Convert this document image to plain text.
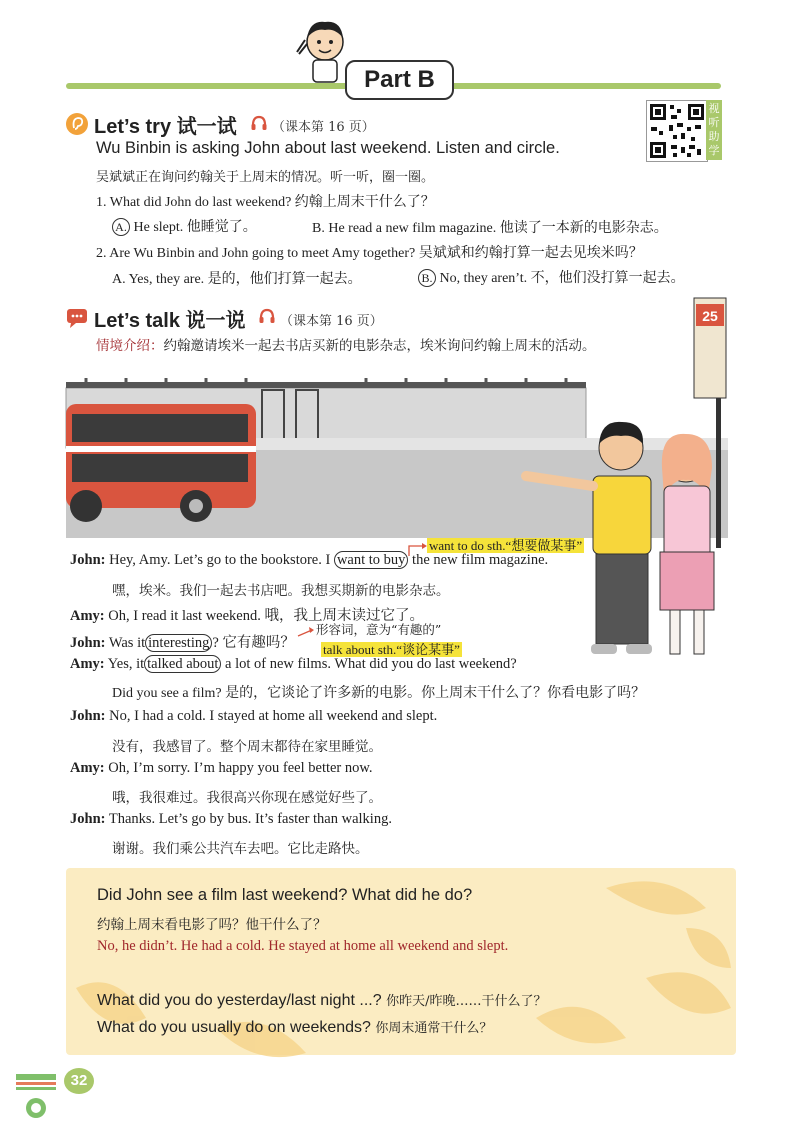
Part B
视听助学
Let’s try 试一试	（课本第 16 页）
Wu Binbin is asking John about last weekend. Listen and circle.
吴斌斌正在询问约翰关于上周末的情况。听一听，圈一圈。
1. What did John do last weekend? 约翰上周末干什么了？
A. He slept. 他睡觉了。	B. He read a new film magazine. 他读了一本新的电影杂志。
2. Are Wu Binbin and John going to meet Amy together? 吴斌斌和约翰打算一起去见埃米吗？
A. Yes, they are. 是的，他们打算一起去。	B. No, they aren’t. 不，他们没打算一起去。
Let’s talk 说一说	（课本第 16 页）
情境介绍：约翰邀请埃米一起去书店买新的电影杂志，埃米询问约翰上周末的活动。
25
want to do sth.“想要做某事”
John: Hey, Amy. Let’s go to the bookstore. I want to buy the new film magazine.
嘿，埃米。我们一起去书店吧。我想买期新的电影杂志。
Amy: Oh, I read it last weekend. 哦，我上周末读过它了。
John: Was it interesting ? 它有趣吗？
形容词，意为“有趣的”
talk about sth.“谈论某事”
Amy: Yes, it talked about a lot of new films. What did you do last weekend?
Did you see a film? 是的，它谈论了许多新的电影。你上周末干什么了？你看电影了吗？
John: No, I had a cold. I stayed at home all weekend and slept.
没有，我感冒了。整个周末都待在家里睡觉。
Amy: Oh, I’m sorry. I’m happy you feel better now.
哦，我很难过。我很高兴你现在感觉好些了。
John: Thanks. Let’s go by bus. It’s faster than walking.
谢谢。我们乘公共汽车去吧。它比走路快。
Did John see a film last weekend? What did he do?
约翰上周末看电影了吗？他干什么了？
No, he didn’t. He had a cold. He stayed at home all weekend and slept.
What did you do yesterday/last night ...? 你昨天/昨晚……干什么了？
What do you usually do on weekends? 你周末通常干什么？
32
